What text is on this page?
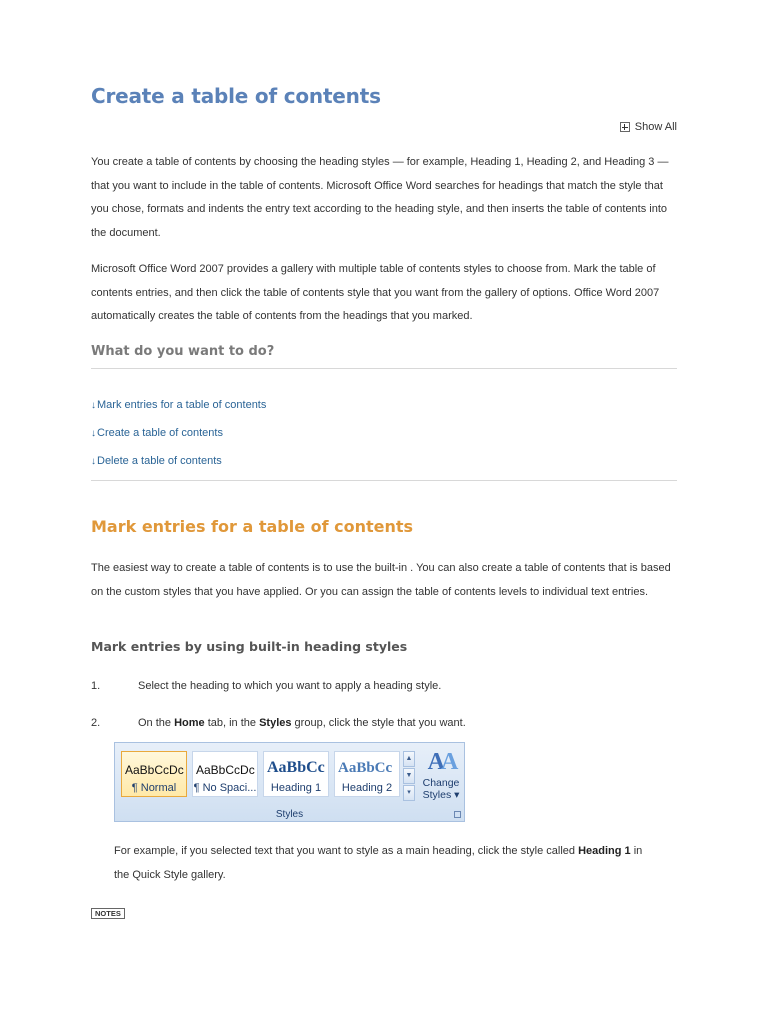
Create a table of contents
Show All
You create a table of contents by choosing the heading styles — for example, Heading 1, Heading 2, and Heading 3 — that you want to include in the table of contents. Microsoft Office Word searches for headings that match the style that you chose, formats and indents the entry text according to the heading style, and then inserts the table of contents into the document.
Microsoft Office Word 2007 provides a gallery with multiple table of contents styles to choose from. Mark the table of contents entries, and then click the table of contents style that you want from the gallery of options. Office Word 2007 automatically creates the table of contents from the headings that you marked.
What do you want to do?
↓ Mark entries for a table of contents
↓ Create a table of contents
↓ Delete a table of contents
Mark entries for a table of contents
The easiest way to create a table of contents is to use the built-in . You can also create a table of contents that is based on the custom styles that you have applied. Or you can assign the table of contents levels to individual text entries.
Mark entries by using built-in heading styles
1.	Select the heading to which you want to apply a heading style.
2.	On the Home tab, in the Styles group, click the style that you want.
AaBbCcDc
¶ Normal
AaBbCcDc
¶ No Spaci...
AaBbCc
Heading 1
AaBbCc
Heading 2
▲
▼
▾
AA
Change
Styles ▾
Styles
For example, if you selected text that you want to style as a main heading, click the style called Heading 1 in the Quick Style gallery.
NOTES
